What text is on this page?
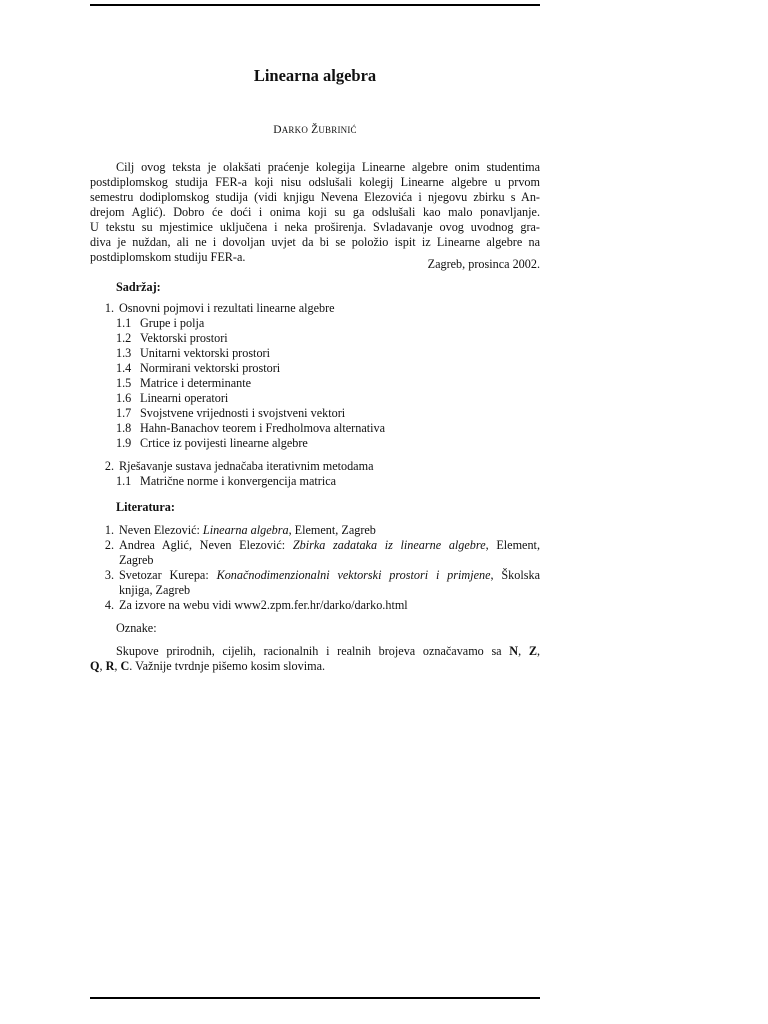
Linearna algebra
DARKO ŽUBRINIĆ

Cilj ovog teksta je olakšati praćenje kolegija Linearne algebre onim studentima
postdiplomskog studija FER-a koji nisu odslušali kolegij Linearne algebre u prvom
semestru dodiplomskog studija (vidi knjigu Nevena Elezovića i njegovu zbirku s An-
drejom Aglić). Dobro će doći i onima koji su ga odslušali kao malo ponavljanje.
U tekstu su mjestimice uključena i neka proširenja. Svladavanje ovog uvodnog gra-
diva je nuždan, ali ne i dovoljan uvjet da bi se položio ispit iz Linearne algebre na
postdiplomskom studiju FER-a.	Zagreb, prosinca 2002.
Sadržaj:
1. Osnovni pojmovi i rezultati linearne algebre
1.1 Grupe i polja
1.2 Vektorski prostori
1.3 Unitarni vektorski prostori
1.4 Normirani vektorski prostori
1.5 Matrice i determinante
1.6 Linearni operatori
1.7 Svojstvene vrijednosti i svojstveni vektori
1.8 Hahn-Banachov teorem i Fredholmova alternativa
1.9 Crtice iz povijesti linearne algebre
2. Rješavanje sustava jednačaba iterativnim metodama
1.1 Matrične norme i konvergencija matrica
Literatura:
1. Neven Elezović: Linearna algebra, Element, Zagreb
2. Andrea Aglić, Neven Elezović: Zbirka zadataka iz linearne algebre, Element,
Zagreb
3. Svetozar Kurepa: Konačnodimenzionalni vektorski prostori i primjene, Školska
knjiga, Zagreb
4. Za izvore na webu vidi www2.zpm.fer.hr/darko/darko.html
Oznake:
Skupove prirodnih, cijelih, racionalnih i realnih brojeva označavamo sa N, Z,
Q, R, C. Važnije tvrdnje pišemo kosim slovima.
